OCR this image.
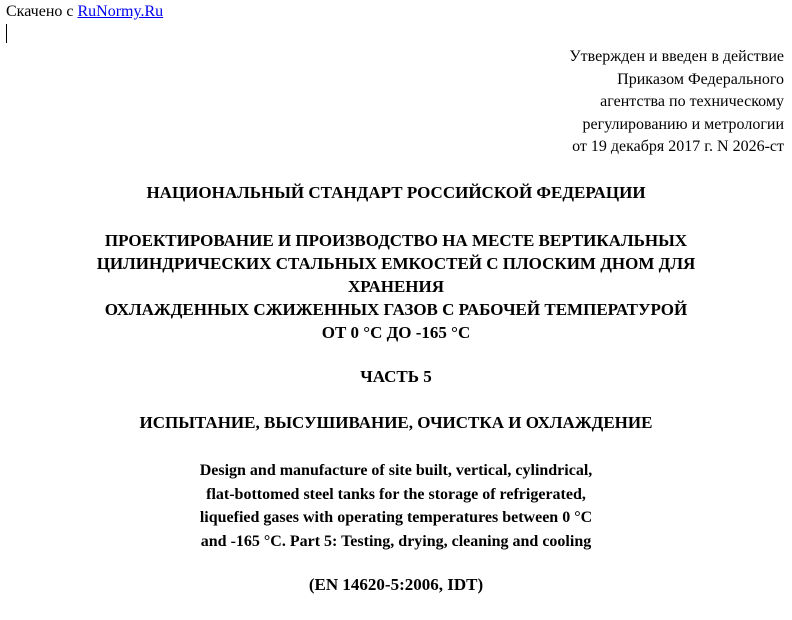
Скачено с RuNormy.Ru
Утвержден и введен в действие
Приказом Федерального
агентства по техническому
регулированию и метрологии
от 19 декабря 2017 г. N 2026-ст
НАЦИОНАЛЬНЫЙ СТАНДАРТ РОССИЙСКОЙ ФЕДЕРАЦИИ
ПРОЕКТИРОВАНИЕ И ПРОИЗВОДСТВО НА МЕСТЕ ВЕРТИКАЛЬНЫХ
ЦИЛИНДРИЧЕСКИХ СТАЛЬНЫХ ЕМКОСТЕЙ С ПЛОСКИМ ДНОМ ДЛЯ
ХРАНЕНИЯ
ОХЛАЖДЕННЫХ СЖИЖЕННЫХ ГАЗОВ С РАБОЧЕЙ ТЕМПЕРАТУРОЙ
ОТ 0 °С ДО -165 °С
ЧАСТЬ 5
ИСПЫТАНИЕ, ВЫСУШИВАНИЕ, ОЧИСТКА И ОХЛАЖДЕНИЕ
Design and manufacture of site built, vertical, cylindrical,
flat-bottomed steel tanks for the storage of refrigerated,
liquefied gases with operating temperatures between 0 °С
and -165 °С. Part 5: Testing, drying, cleaning and cooling
(EN 14620-5:2006, IDT)
